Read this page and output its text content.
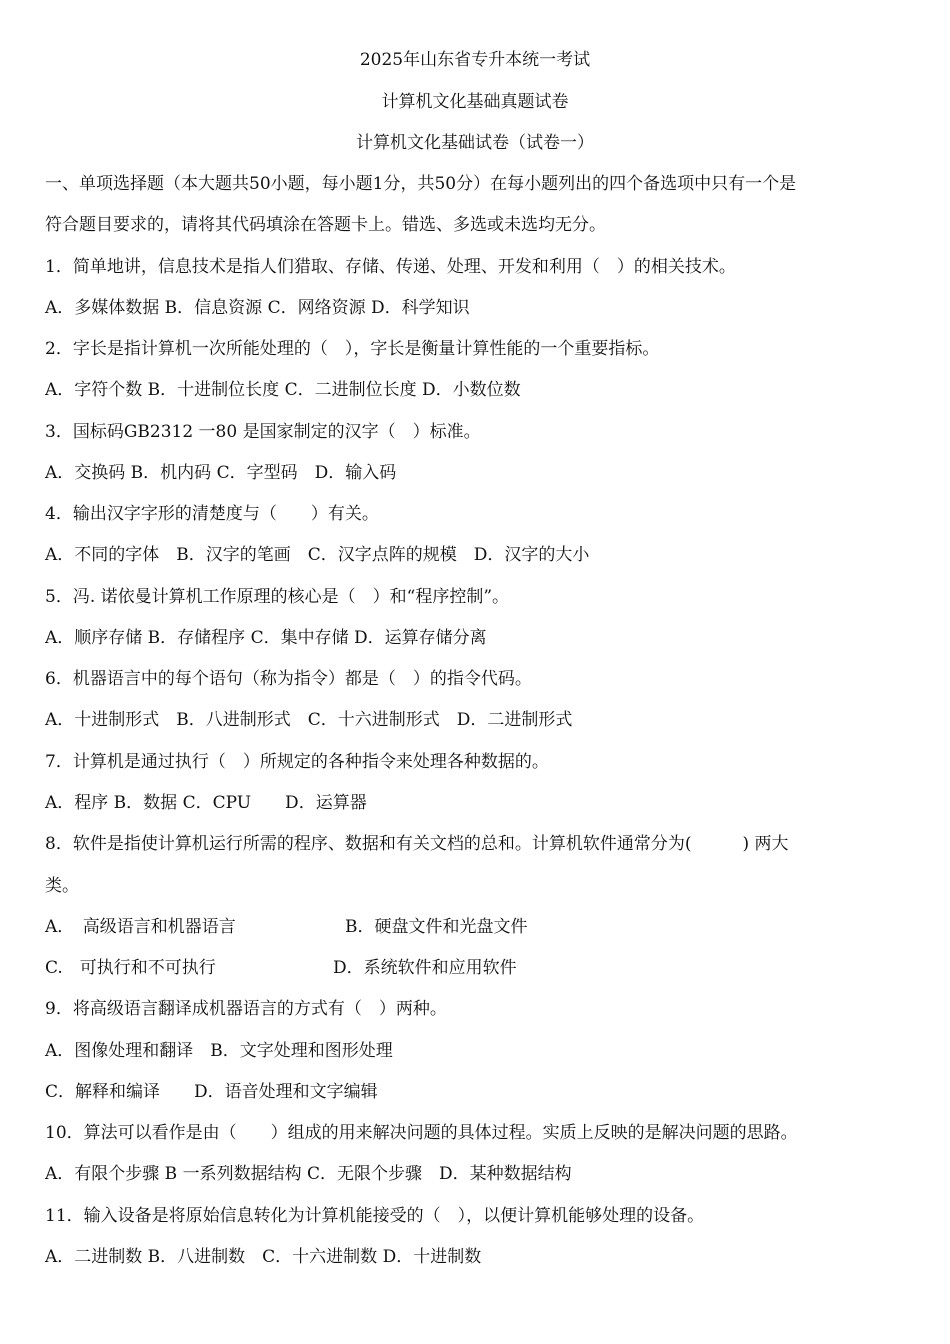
2025年山东省专升本统一考试
计算机文化基础真题试卷
计算机文化基础试卷（试卷一）
一、单项选择题（本大题共50小题，每小题1分，共50分）在每小题列出的四个备选项中只有一个是
符合题目要求的，请将其代码填涂在答题卡上。错选、多选或未选均无分。
1．简单地讲，信息技术是指人们猎取、存储、传递、处理、开发和利用（　）的相关技术。
A．多媒体数据 B．信息资源 C．网络资源 D．科学知识
2．字长是指计算机一次所能处理的（　），字长是衡量计算性能的一个重要指标。
A．字符个数 B．十进制位长度 C．二进制位长度 D．小数位数
3．国标码GB2312 一80 是国家制定的汉字（　）标准。
A．交换码 B．机内码 C．字型码　D．输入码
4．输出汉字字形的清楚度与（　　）有关。
A．不同的字体　B．汉字的笔画　C．汉字点阵的规模　D．汉字的大小
5．冯. 诺依曼计算机工作原理的核心是（　）和“程序控制”。
A．顺序存储 B．存储程序 C．集中存储 D．运算存储分离
6．机器语言中的每个语句（称为指令）都是（　）的指令代码。
A．十进制形式　B．八进制形式　C．十六进制形式　D．二进制形式
7．计算机是通过执行（　）所规定的各种指令来处理各种数据的。
A．程序 B．数据 C．CPU　　D．运算器
8．软件是指使计算机运行所需的程序、数据和有关文档的总和。计算机软件通常分为(　　　) 两大
类。
A．　高级语言和机器语言	B．硬盘文件和光盘文件
C.　可执行和不可执行	D．系统软件和应用软件
9．将高级语言翻译成机器语言的方式有（　）两种。
A．图像处理和翻译　B．文字处理和图形处理
C．解释和编译　　D．语音处理和文字编辑
10．算法可以看作是由（　　）组成的用来解决问题的具体过程。实质上反映的是解决问题的思路。
A．有限个步骤 B 一系列数据结构 C．无限个步骤　D．某种数据结构
11．输入设备是将原始信息转化为计算机能接受的（　），以便计算机能够处理的设备。
A．二进制数 B．八进制数　C．十六进制数 D．十进制数
